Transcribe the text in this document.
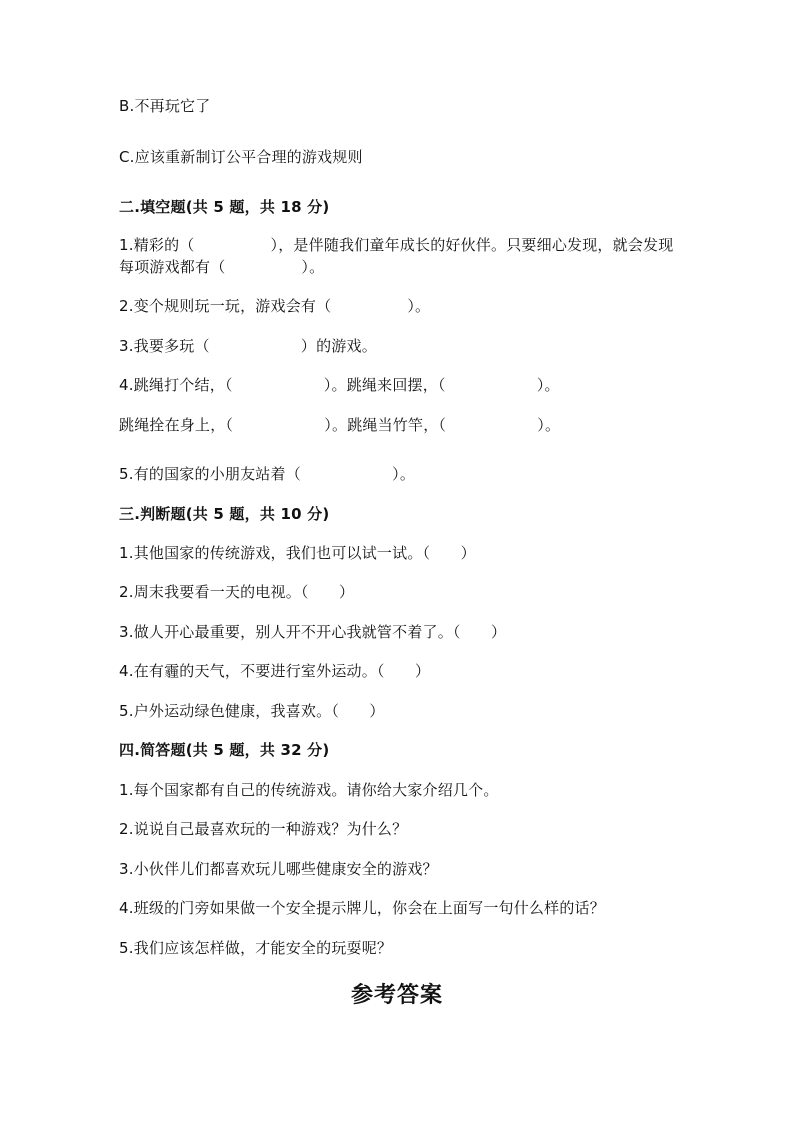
B.不再玩它了
C.应该重新制订公平合理的游戏规则
二.填空题(共 5 题，共 18 分)
1.精彩的（　　　　　），是伴随我们童年成长的好伙伴。只要细心发现，就会发现每项游戏都有（　　　　　）。
2.变个规则玩一玩，游戏会有（　　　　　）。
3.我要多玩（　　　　　　）的游戏。
4.跳绳打个结，（　　　　　　）。跳绳来回摆，（　　　　　　）。
跳绳拴在身上，（　　　　　　）。跳绳当竹竿，（　　　　　　）。
5.有的国家的小朋友站着（　　　　　　）。
三.判断题(共 5 题，共 10 分)
1.其他国家的传统游戏，我们也可以试一试。（　　）
2.周末我要看一天的电视。（　　）
3.做人开心最重要，别人开不开心我就管不着了。（　　）
4.在有霾的天气，不要进行室外运动。（　　）
5.户外运动绿色健康，我喜欢。（　　）
四.简答题(共 5 题，共 32 分)
1.每个国家都有自己的传统游戏。请你给大家介绍几个。
2.说说自己最喜欢玩的一种游戏？为什么？
3.小伙伴儿们都喜欢玩儿哪些健康安全的游戏？
4.班级的门旁如果做一个安全提示牌儿，你会在上面写一句什么样的话？
5.我们应该怎样做，才能安全的玩耍呢？
参考答案
